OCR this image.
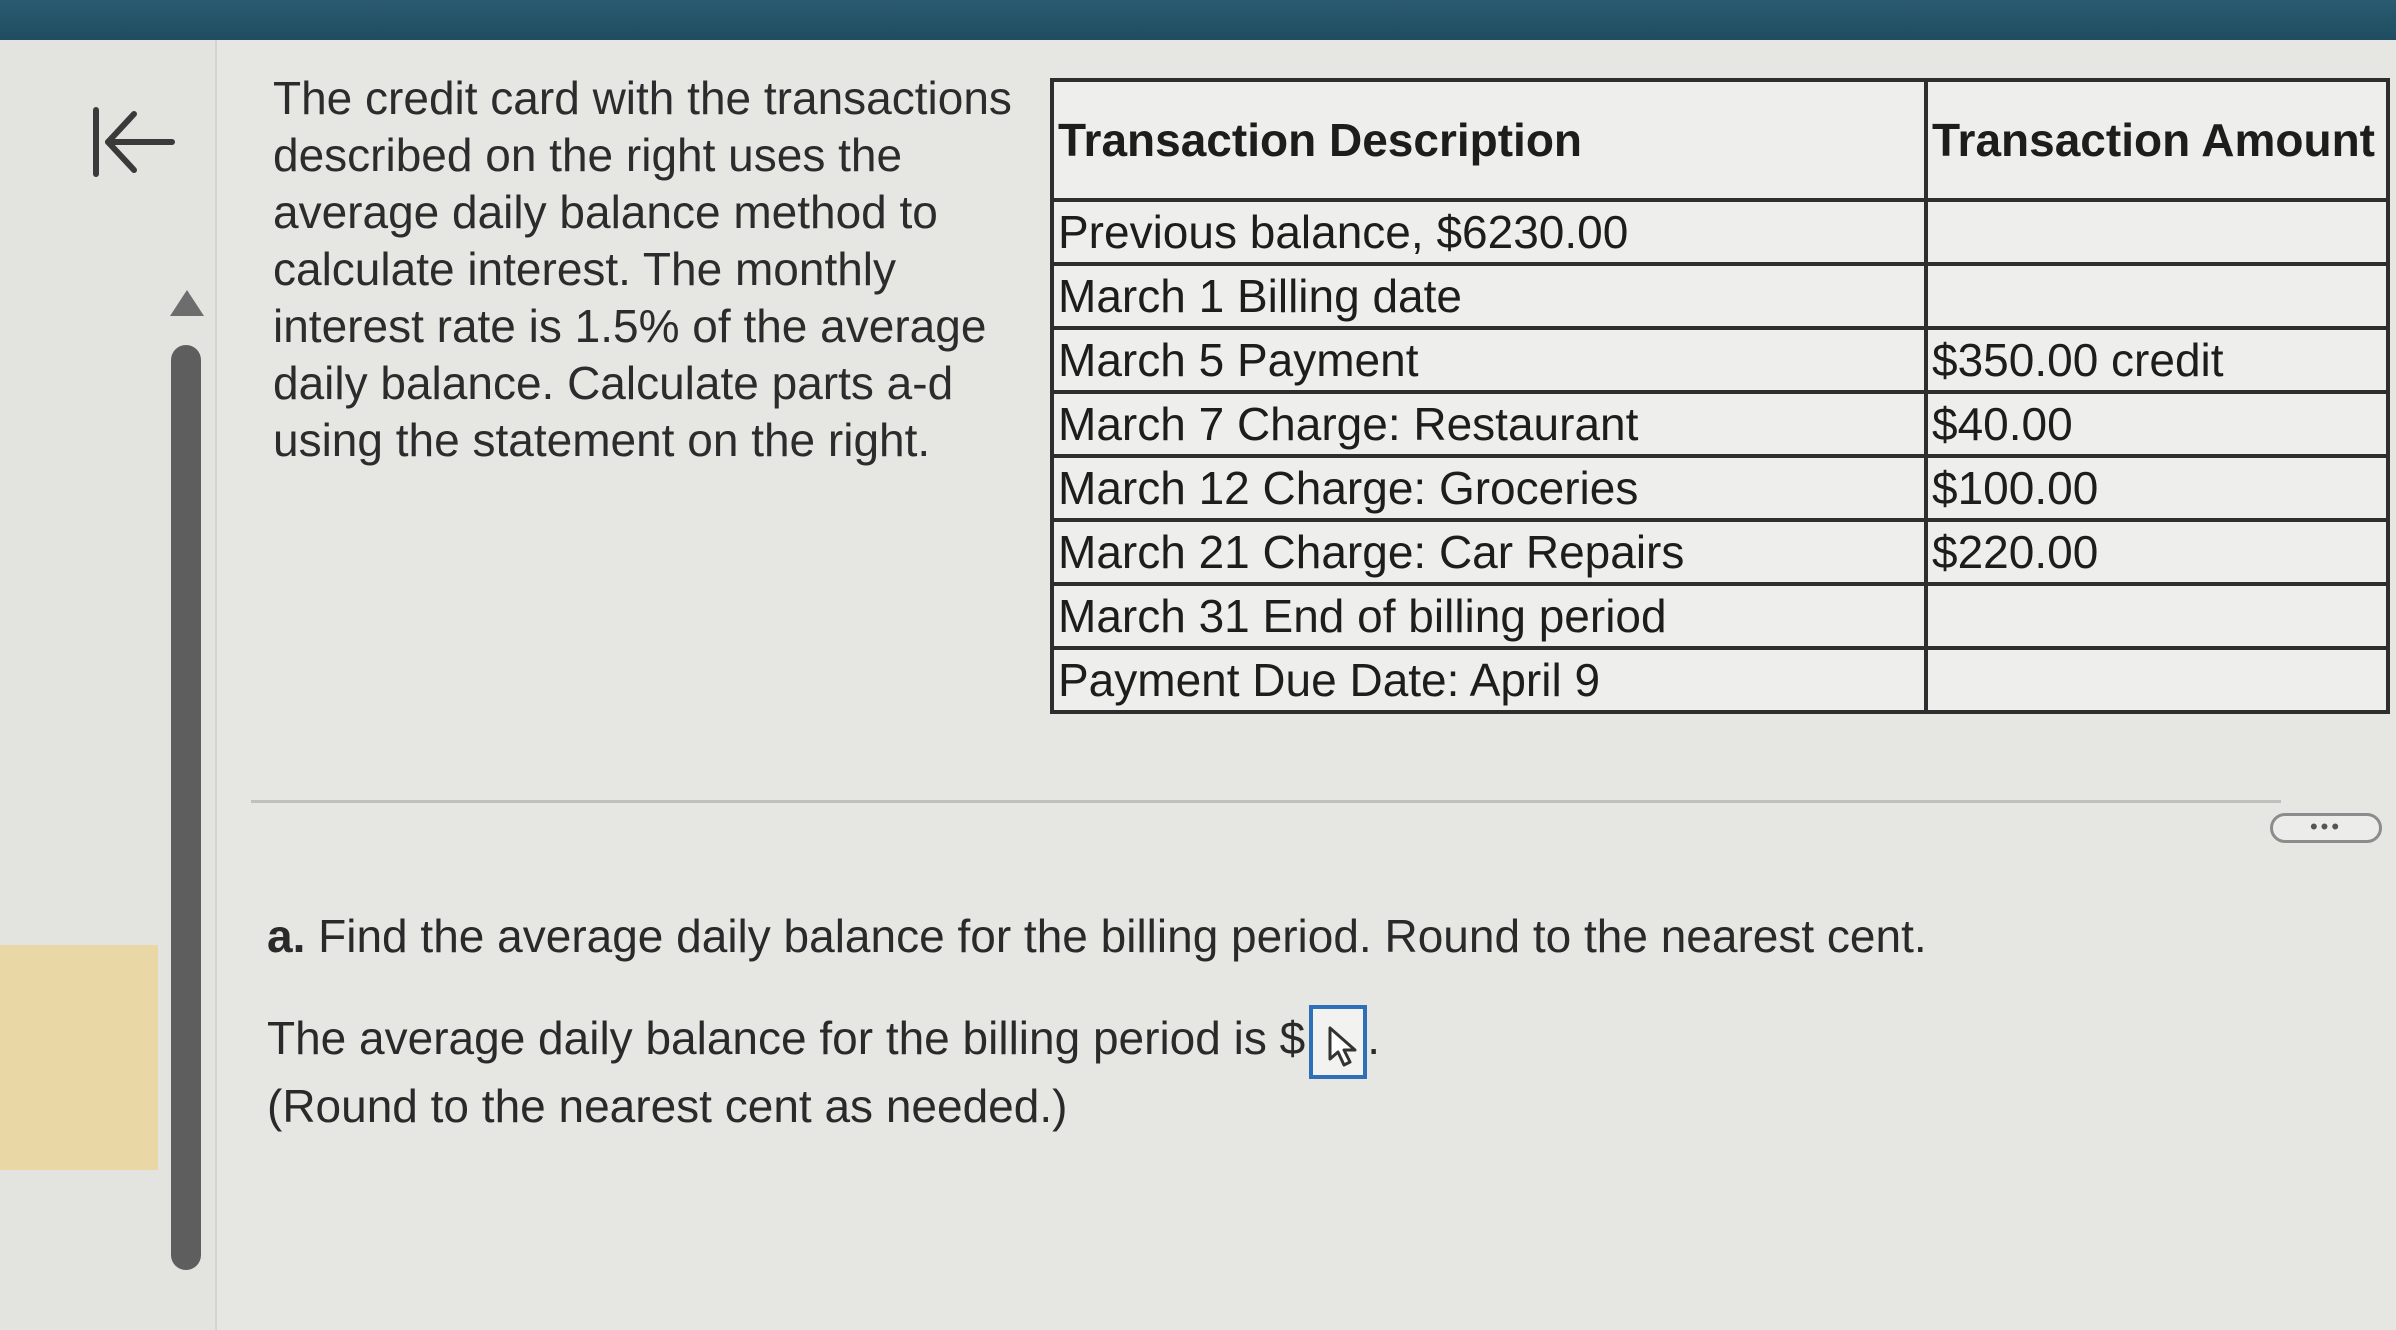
The credit card with the transactions described on the right uses the average daily balance method to calculate interest. The monthly interest rate is 1.5% of the average daily balance. Calculate parts a-d using the statement on the right.

Transaction Description	Transaction Amount
Previous balance, $6230.00	
March 1 Billing date	
March 5 Payment	$350.00 credit
March 7 Charge: Restaurant	$40.00
March 12 Charge: Groceries	$100.00
March 21 Charge: Car Repairs	$220.00
March 31 End of billing period	
Payment Due Date: April 9	
•••

a. Find the average daily balance for the billing period. Round to the nearest cent.

The average daily balance for the billing period is $ .
(Round to the nearest cent as needed.)
